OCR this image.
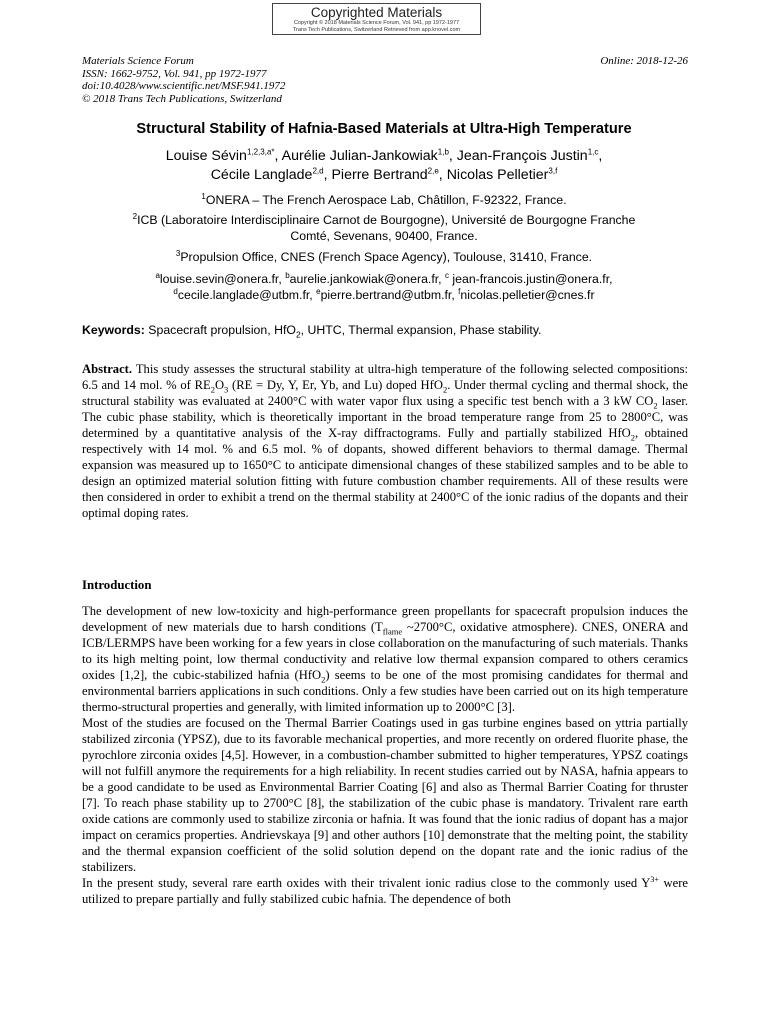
Copyrighted Materials
Copyright © 2018 Materials Science Forum, Vol. 941, pp 1972-1977
Trans Tech Publications, Switzerland Retrieved from app.knovel.com
Materials Science Forum
ISSN: 1662-9752, Vol. 941, pp 1972-1977
doi:10.4028/www.scientific.net/MSF.941.1972
© 2018 Trans Tech Publications, Switzerland
Online: 2018-12-26
Structural Stability of Hafnia-Based Materials at Ultra-High Temperature
Louise Sévin$^{1,2,3,a*}$, Aurélie Julian-Jankowiak$^{1,b}$, Jean-François Justin$^{1,c}$,
Cécile Langlade$^{2,d}$, Pierre Bertrand$^{2,e}$, Nicolas Pelletier$^{3,f}$
$^1$ONERA – The French Aerospace Lab, Châtillon, F-92322, France.
$^2$ICB (Laboratoire Interdisciplinaire Carnot de Bourgogne), Université de Bourgogne Franche
Comté, Sevenans, 90400, France.
$^3$Propulsion Office, CNES (French Space Agency), Toulouse, 31410, France.
$^a$louise.sevin@onera.fr, $^b$aurelie.jankowiak@onera.fr, $^c$ jean-francois.justin@onera.fr,
$^d$cecile.langlade@utbm.fr, $^e$pierre.bertrand@utbm.fr, $^f$nicolas.pelletier@cnes.fr
Keywords: Spacecraft propulsion, HfO$_2$, UHTC, Thermal expansion, Phase stability.
Abstract. This study assesses the structural stability at ultra-high temperature of the following selected compositions: 6.5 and 14 mol. % of $RE_2O_3$ (RE = Dy, Y, Er, Yb, and Lu) doped HfO$_2$. Under thermal cycling and thermal shock, the structural stability was evaluated at 2400°C with water vapor flux using a specific test bench with a 3 kW $CO_2$ laser. The cubic phase stability, which is theoretically important in the broad temperature range from 25 to 2800°C, was determined by a quantitative analysis of the X-ray diffractograms. Fully and partially stabilized HfO$_2$, obtained respectively with 14 mol. % and 6.5 mol. % of dopants, showed different behaviors to thermal damage. Thermal expansion was measured up to 1650°C to anticipate dimensional changes of these stabilized samples and to be able to design an optimized material solution fitting with future combustion chamber requirements. All of these results were then considered in order to exhibit a trend on the thermal stability at 2400°C of the ionic radius of the dopants and their optimal doping rates.
Introduction
The development of new low-toxicity and high-performance green propellants for spacecraft propulsion induces the development of new materials due to harsh conditions ($T_{flame}$ ~2700°C, oxidative atmosphere). CNES, ONERA and ICB/LERMPS have been working for a few years in close collaboration on the manufacturing of such materials. Thanks to its high melting point, low thermal conductivity and relative low thermal expansion compared to others ceramics oxides [1,2], the cubic-stabilized hafnia (HfO$_2$) seems to be one of the most promising candidates for thermal and environmental barriers applications in such conditions. Only a few studies have been carried out on its high temperature thermo-structural properties and generally, with limited information up to 2000°C [3].
Most of the studies are focused on the Thermal Barrier Coatings used in gas turbine engines based on yttria partially stabilized zirconia (YPSZ), due to its favorable mechanical properties, and more recently on ordered fluorite phase, the pyrochlore zirconia oxides [4,5]. However, in a combustion-chamber submitted to higher temperatures, YPSZ coatings will not fulfill anymore the requirements for a high reliability. In recent studies carried out by NASA, hafnia appears to be a good candidate to be used as Environmental Barrier Coating [6] and also as Thermal Barrier Coating for thruster [7]. To reach phase stability up to 2700°C [8], the stabilization of the cubic phase is mandatory. Trivalent rare earth oxide cations are commonly used to stabilize zirconia or hafnia. It was found that the ionic radius of dopant has a major impact on ceramics properties. Andrievskaya [9] and other authors [10] demonstrate that the melting point, the stability and the thermal expansion coefficient of the solid solution depend on the dopant rate and the ionic radius of the stabilizers.
In the present study, several rare earth oxides with their trivalent ionic radius close to the commonly used $Y^{3+}$ were utilized to prepare partially and fully stabilized cubic hafnia. The dependence of both
